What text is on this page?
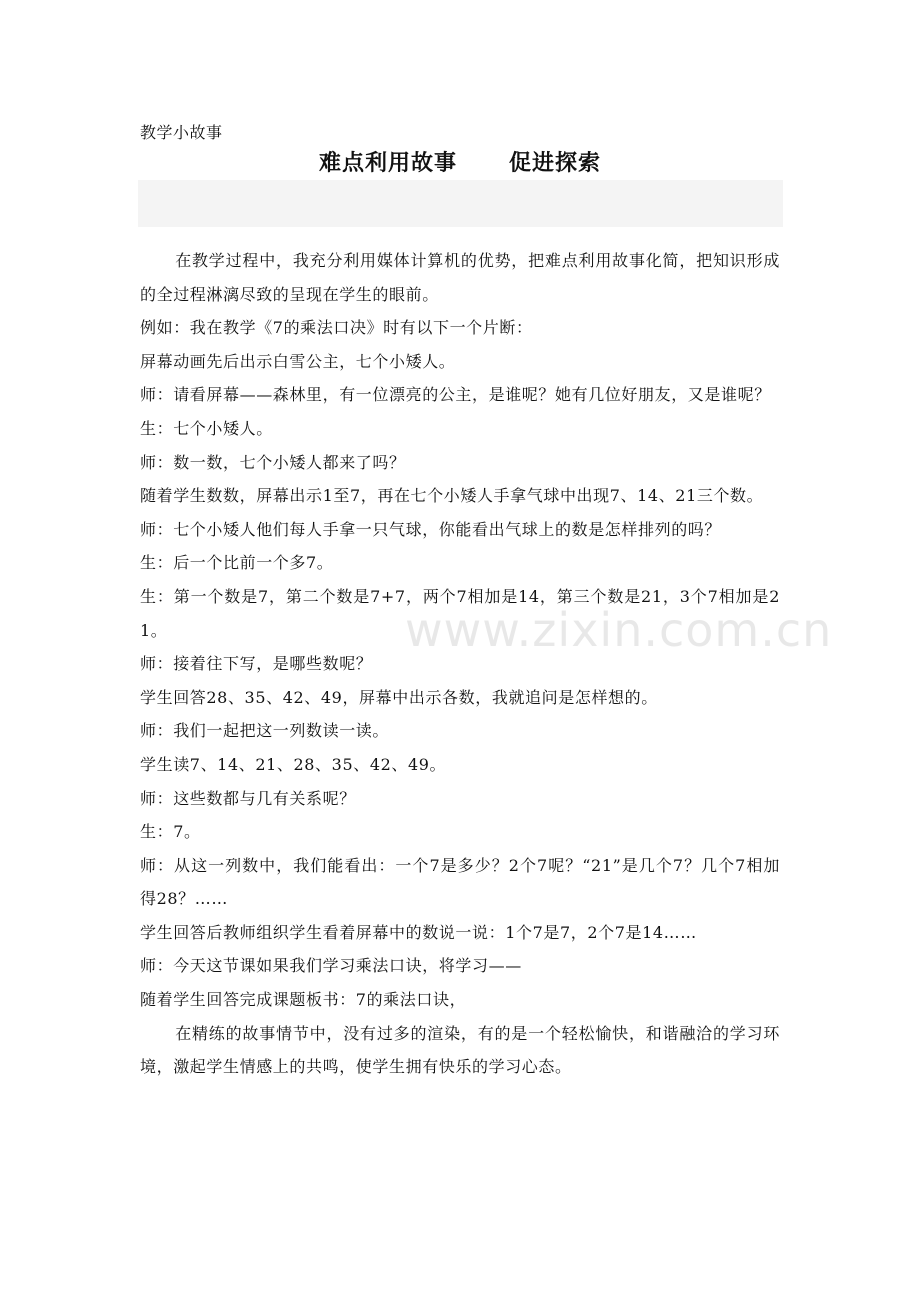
教学小故事
难点利用故事      促进探索

在教学过程中，我充分利用媒体计算机的优势，把难点利用故事化简，把知识形成的全过程淋漓尽致的呈现在学生的眼前。

例如：我在教学《7的乘法口决》时有以下一个片断：

屏幕动画先后出示白雪公主，七个小矮人。

师：请看屏幕——森林里，有一位漂亮的公主，是谁呢？她有几位好朋友，又是谁呢？

生：七个小矮人。

师：数一数，七个小矮人都来了吗？

随着学生数数，屏幕出示1至7，再在七个小矮人手拿气球中出现7、14、21三个数。

师：七个小矮人他们每人手拿一只气球，你能看出气球上的数是怎样排列的吗？

生：后一个比前一个多7。

生：第一个数是7，第二个数是7+7，两个7相加是14，第三个数是21，3个7相加是21。

师：接着往下写，是哪些数呢？

学生回答28、35、42、49，屏幕中出示各数，我就追问是怎样想的。

师：我们一起把这一列数读一读。

学生读7、14、21、28、35、42、49。

师：这些数都与几有关系呢？

生：7。

师：从这一列数中，我们能看出：一个7是多少？2个7呢？“21”是几个7？几个7相加得28？……

学生回答后教师组织学生看着屏幕中的数说一说：1个7是7，2个7是14……

师：今天这节课如果我们学习乘法口诀，将学习——

随着学生回答完成课题板书：7的乘法口诀，

在精练的故事情节中，没有过多的渲染，有的是一个轻松愉快，和谐融洽的学习环境，激起学生情感上的共鸣，使学生拥有快乐的学习心态。

www.zixin.com.cn
